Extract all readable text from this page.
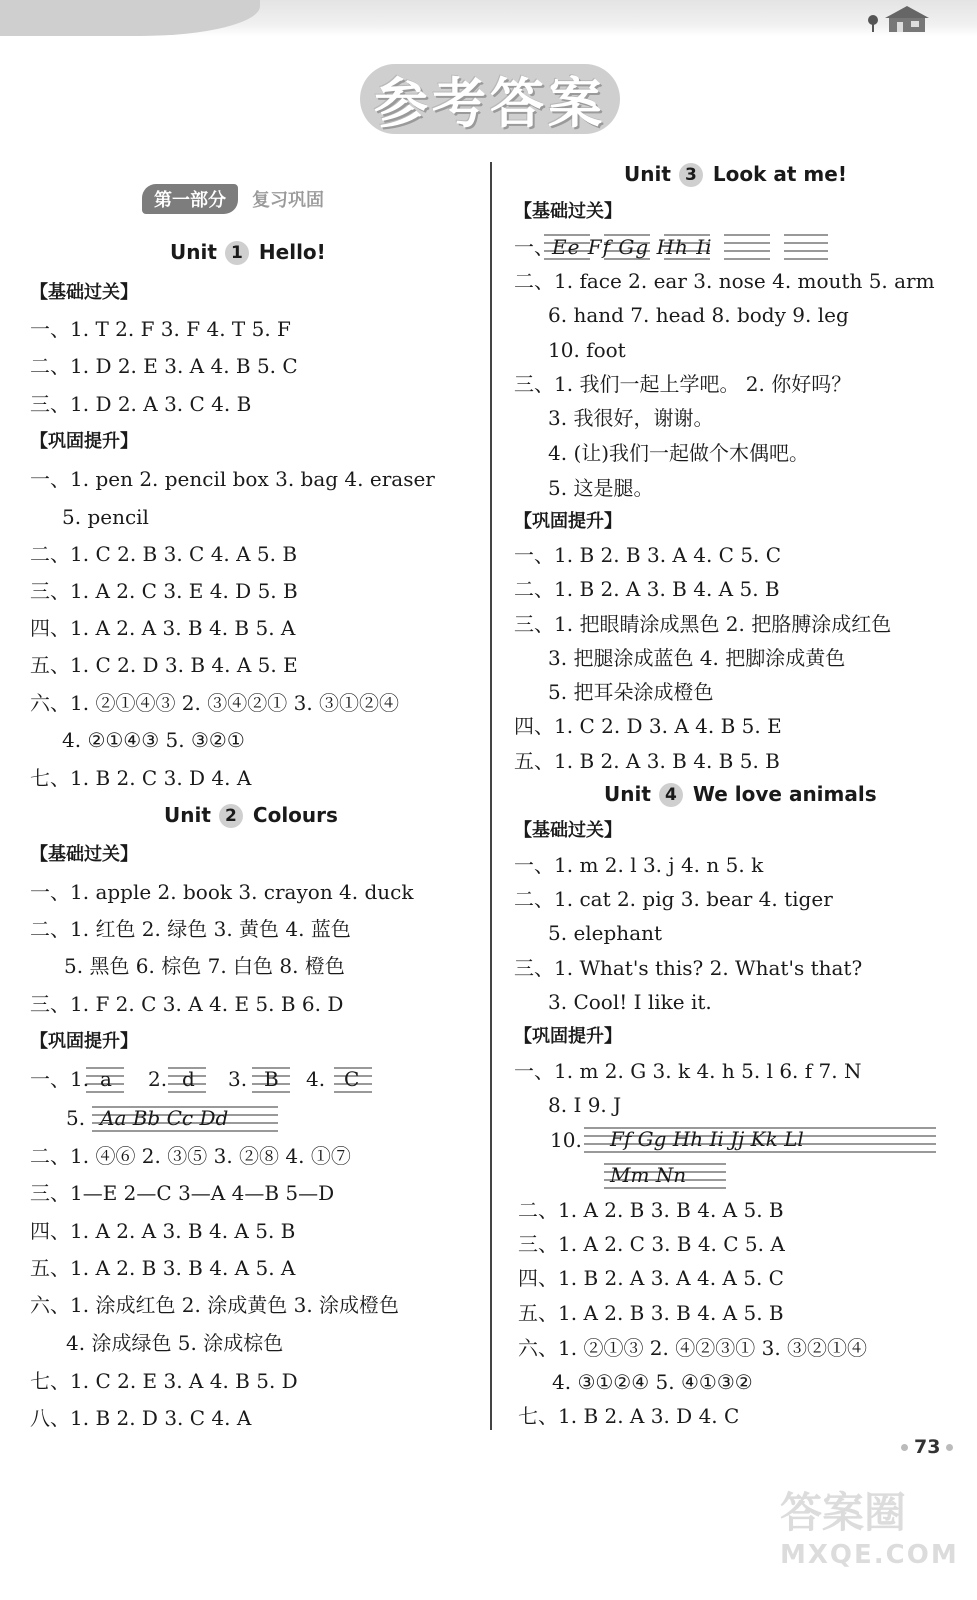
参考答案
第一部分 复习巩固
Unit 1 Hello!
【基础过关】
一、1. T 2. F 3. F 4. T 5. F
二、1. D 2. E 3. A 4. B 5. C
三、1. D 2. A 3. C 4. B
【巩固提升】
一、1. pen 2. pencil box 3. bag 4. eraser
5. pencil
二、1. C 2. B 3. C 4. A 5. B
三、1. A 2. C 3. E 4. D 5. B
四、1. A 2. A 3. B 4. B 5. A
五、1. C 2. D 3. B 4. A 5. E
六、1. ②①④③ 2. ③④②① 3. ③①②④
4. ②①④③ 5. ③②①
七、1. B 2. C 3. D 4. A
Unit 2 Colours
【基础过关】
一、1. apple 2. book 3. crayon 4. duck
二、1. 红色 2. 绿色 3. 黄色 4. 蓝色
5. 黑色 6. 棕色 7. 白色 8. 橙色
三、1. F 2. C 3. A 4. E 5. B 6. D
【巩固提升】
一、1. a 2. d 3. B 4. C
5. Aa Bb Cc Dd
二、1. ④⑥ 2. ③⑤ 3. ②⑧ 4. ①⑦
三、1—E 2—C 3—A 4—B 5—D
四、1. A 2. A 3. B 4. A 5. B
五、1. A 2. B 3. B 4. A 5. A
六、1. 涂成红色 2. 涂成黄色 3. 涂成橙色
4. 涂成绿色 5. 涂成棕色
七、1. C 2. E 3. A 4. B 5. D
八、1. B 2. D 3. C 4. A
Unit 3 Look at me!
【基础过关】
一、
Ee Ff Gg Hh Ii
二、1. face 2. ear 3. nose 4. mouth 5. arm
6. hand 7. head 8. body 9. leg
10. foot
三、1. 我们一起上学吧。 2. 你好吗？
3. 我很好，谢谢。
4. (让)我们一起做个木偶吧。
5. 这是腿。
【巩固提升】
一、1. B 2. B 3. A 4. C 5. C
二、1. B 2. A 3. B 4. A 5. B
三、1. 把眼睛涂成黑色 2. 把胳膊涂成红色
3. 把腿涂成蓝色 4. 把脚涂成黄色
5. 把耳朵涂成橙色
四、1. C 2. D 3. A 4. B 5. E
五、1. B 2. A 3. B 4. B 5. B
Unit 4 We love animals
【基础过关】
一、1. m 2. l 3. j 4. n 5. k
二、1. cat 2. pig 3. bear 4. tiger
5. elephant
三、1. What's this? 2. What's that?
3. Cool! I like it.
【巩固提升】
一、1. m 2. G 3. k 4. h 5. l 6. f 7. N
8. I 9. J
10. Ff Gg Hh Ii Jj Kk Ll
Mm Nn
二、1. A 2. B 3. B 4. A 5. B
三、1. A 2. C 3. B 4. C 5. A
四、1. B 2. A 3. A 4. A 5. C
五、1. A 2. B 3. B 4. A 5. B
六、1. ②①③ 2. ④②③① 3. ③②①④
4. ③①②④ 5. ④①③②
七、1. B 2. A 3. D 4. C
73
答案圈
MXQE.COM
